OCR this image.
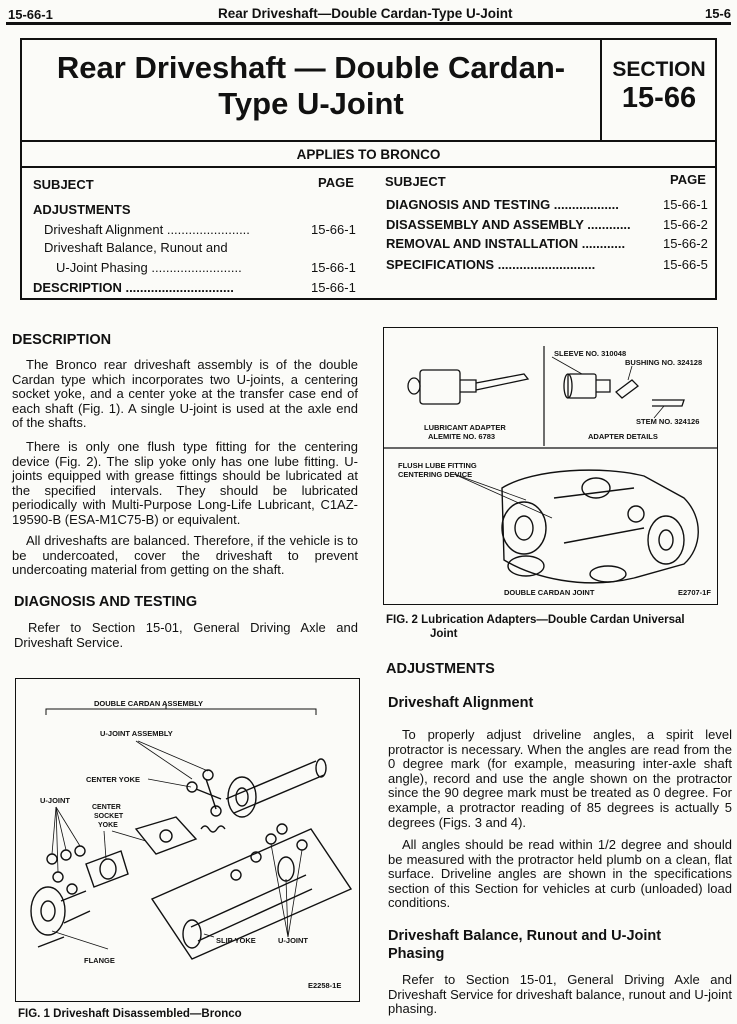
15-66-1	Rear Driveshaft—Double Cardan-Type U-Joint	15-6
Rear Driveshaft — Double Cardan-
Type U-Joint
SECTION
15-66
APPLIES TO BRONCO
SUBJECT	PAGE SUBJECT	PAGE
ADJUSTMENTS
Driveshaft Alignment .......................	15-66-1
Driveshaft Balance, Runout and
U-Joint Phasing .........................	15-66-1
DESCRIPTION ..............................	15-66-1
DIAGNOSIS AND TESTING ..................	15-66-1
DISASSEMBLY AND ASSEMBLY ............ 15-66-2
REMOVAL AND INSTALLATION ............	15-66-2
SPECIFICATIONS ...........................	15-66-5
DESCRIPTION

The Bronco rear driveshaft assembly is of the double Cardan type which incorporates two U-joints, a centering socket yoke, and a center yoke at the transfer case end of each shaft (Fig. 1). A single U-joint is used at the axle end of the shafts.

There is only one flush type fitting for the centering device (Fig. 2). The slip yoke only has one lube fitting. U-joints equipped with grease fittings should be lubricated at the specified intervals. They should be lubricated periodically with Multi-Purpose Long-Life Lubricant, C1AZ-19590-B (ESA-M1C75-B) or equivalent.

All driveshafts are balanced. Therefore, if the vehicle is to be undercoated, cover the driveshaft to prevent undercoating material from getting on the shaft.

DIAGNOSIS AND TESTING

Refer to Section 15-01, General Driving Axle and Driveshaft Service.

DOUBLE CARDAN ASSEMBLY
U-JOINT ASSEMBLY
CENTER YOKE
U-JOINT
CENTER SOCKET YOKE
SLIP YOKE	U-JOINT
FLANGE
E2258-1E
FIG. 1 Driveshaft Disassembled—Bronco
SLEEVE NO. 310048
BUSHING NO. 324128
STEM NO. 324126
LUBRICANT ADAPTER
ALEMITE NO. 6783	ADAPTER DETAILS
FLUSH LUBE FITTING
CENTERING DEVICE
DOUBLE CARDAN JOINT	E2707-1F
FIG. 2 Lubrication Adapters—Double Cardan Universal
Joint
ADJUSTMENTS
Driveshaft Alignment

To properly adjust driveline angles, a spirit level protractor is necessary. When the angles are read from the 0 degree mark (for example, measuring inter-axle shaft angle), record and use the angle shown on the protractor since the 90 degree mark must be treated as 0 degree. For example, a protractor reading of 85 degrees is actually 5 degrees (Figs. 3 and 4).

All angles should be read within 1/2 degree and should be measured with the protractor held plumb on a clean, flat surface. Driveline angles are shown in the specifications section of this Section for vehicles at curb (unloaded) load conditions.

Driveshaft Balance, Runout and U-Joint Phasing

Refer to Section 15-01, General Driving Axle and Driveshaft Service for driveshaft balance, runout and U-joint phasing.
